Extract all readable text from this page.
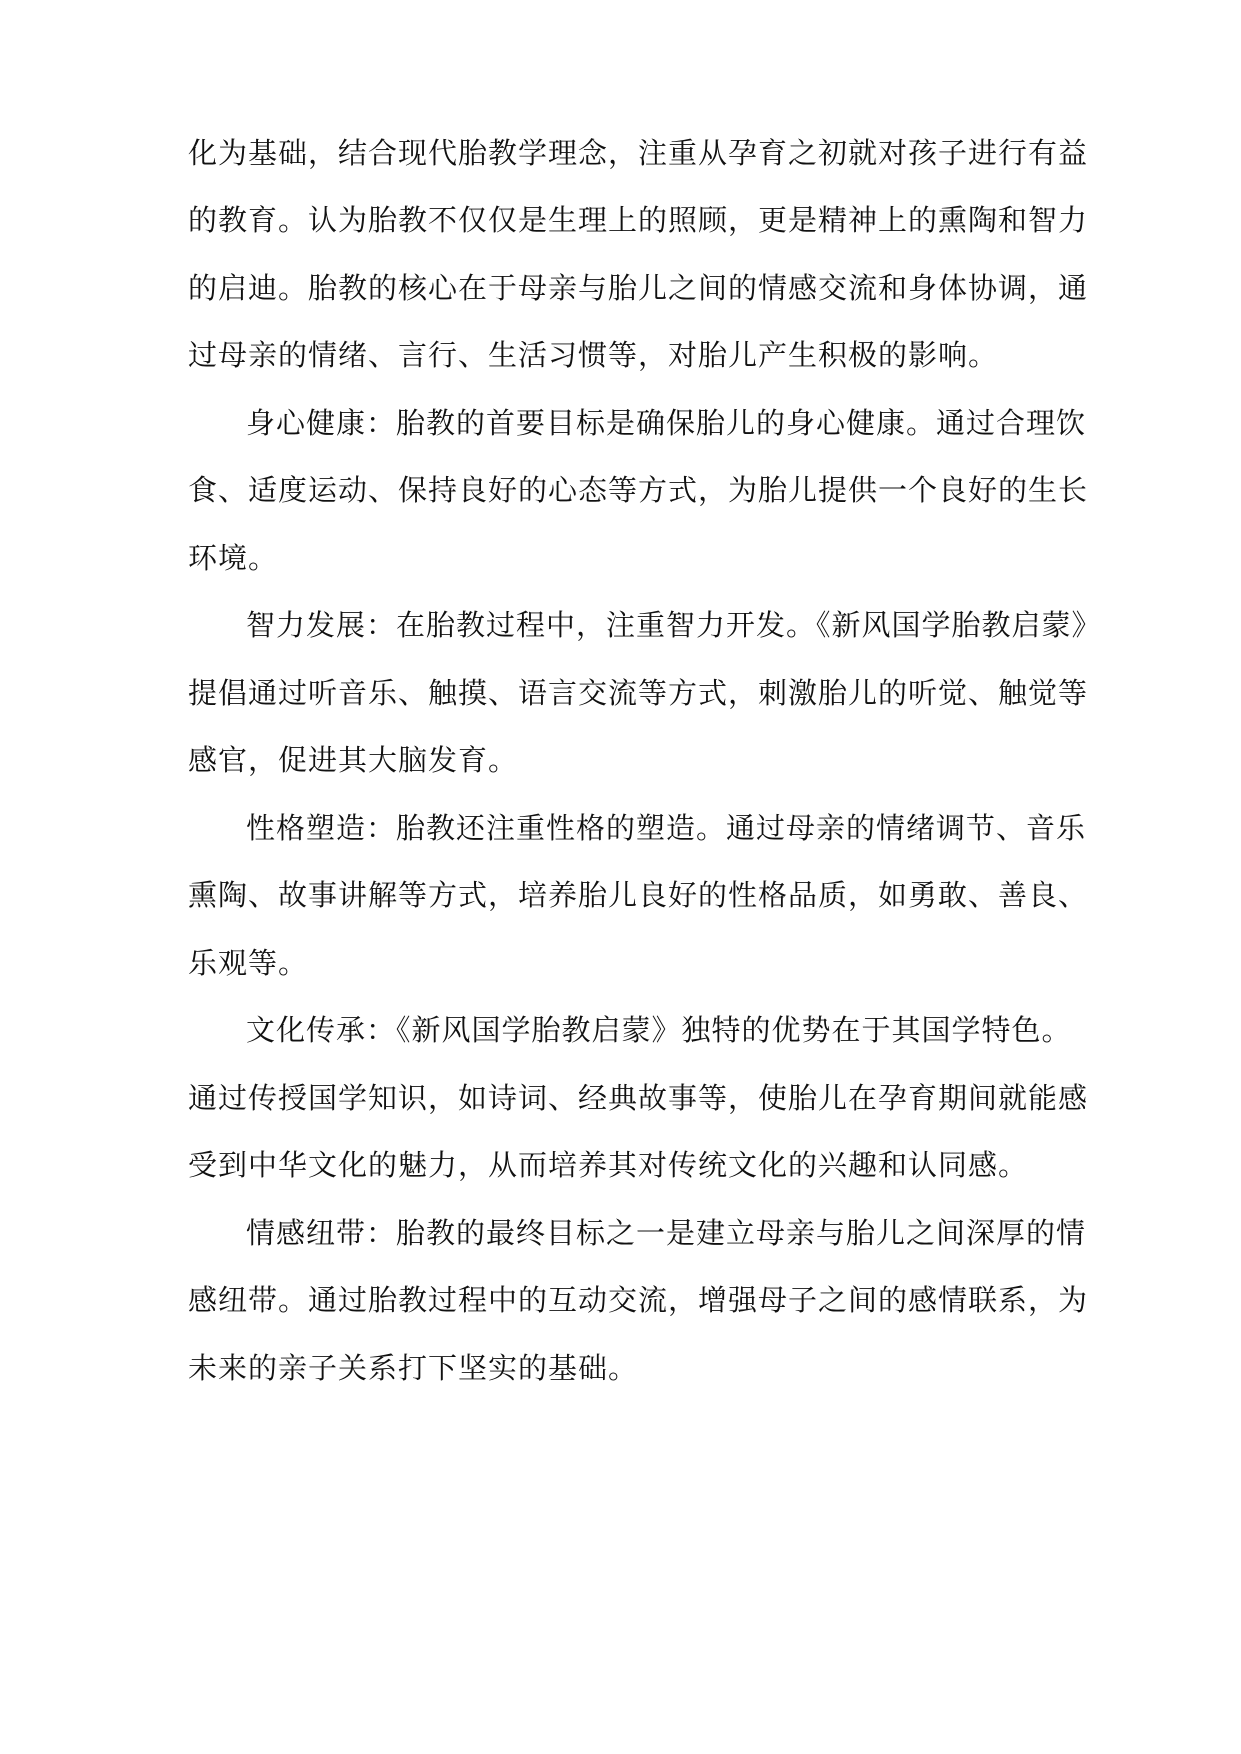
化为基础，结合现代胎教学理念，注重从孕育之初就对孩子进行有益
的教育。认为胎教不仅仅是生理上的照顾，更是精神上的熏陶和智力
的启迪。胎教的核心在于母亲与胎儿之间的情感交流和身体协调，通
过母亲的情绪、言行、生活习惯等，对胎儿产生积极的影响。
身心健康：胎教的首要目标是确保胎儿的身心健康。通过合理饮
食、适度运动、保持良好的心态等方式，为胎儿提供一个良好的生长
环境。
智力发展：在胎教过程中，注重智力开发。《新风国学胎教启蒙》
提倡通过听音乐、触摸、语言交流等方式，刺激胎儿的听觉、触觉等
感官，促进其大脑发育。
性格塑造：胎教还注重性格的塑造。通过母亲的情绪调节、音乐
熏陶、故事讲解等方式，培养胎儿良好的性格品质，如勇敢、善良、
乐观等。
文化传承：《新风国学胎教启蒙》独特的优势在于其国学特色。
通过传授国学知识，如诗词、经典故事等，使胎儿在孕育期间就能感
受到中华文化的魅力，从而培养其对传统文化的兴趣和认同感。
情感纽带：胎教的最终目标之一是建立母亲与胎儿之间深厚的情
感纽带。通过胎教过程中的互动交流，增强母子之间的感情联系，为
未来的亲子关系打下坚实的基础。
